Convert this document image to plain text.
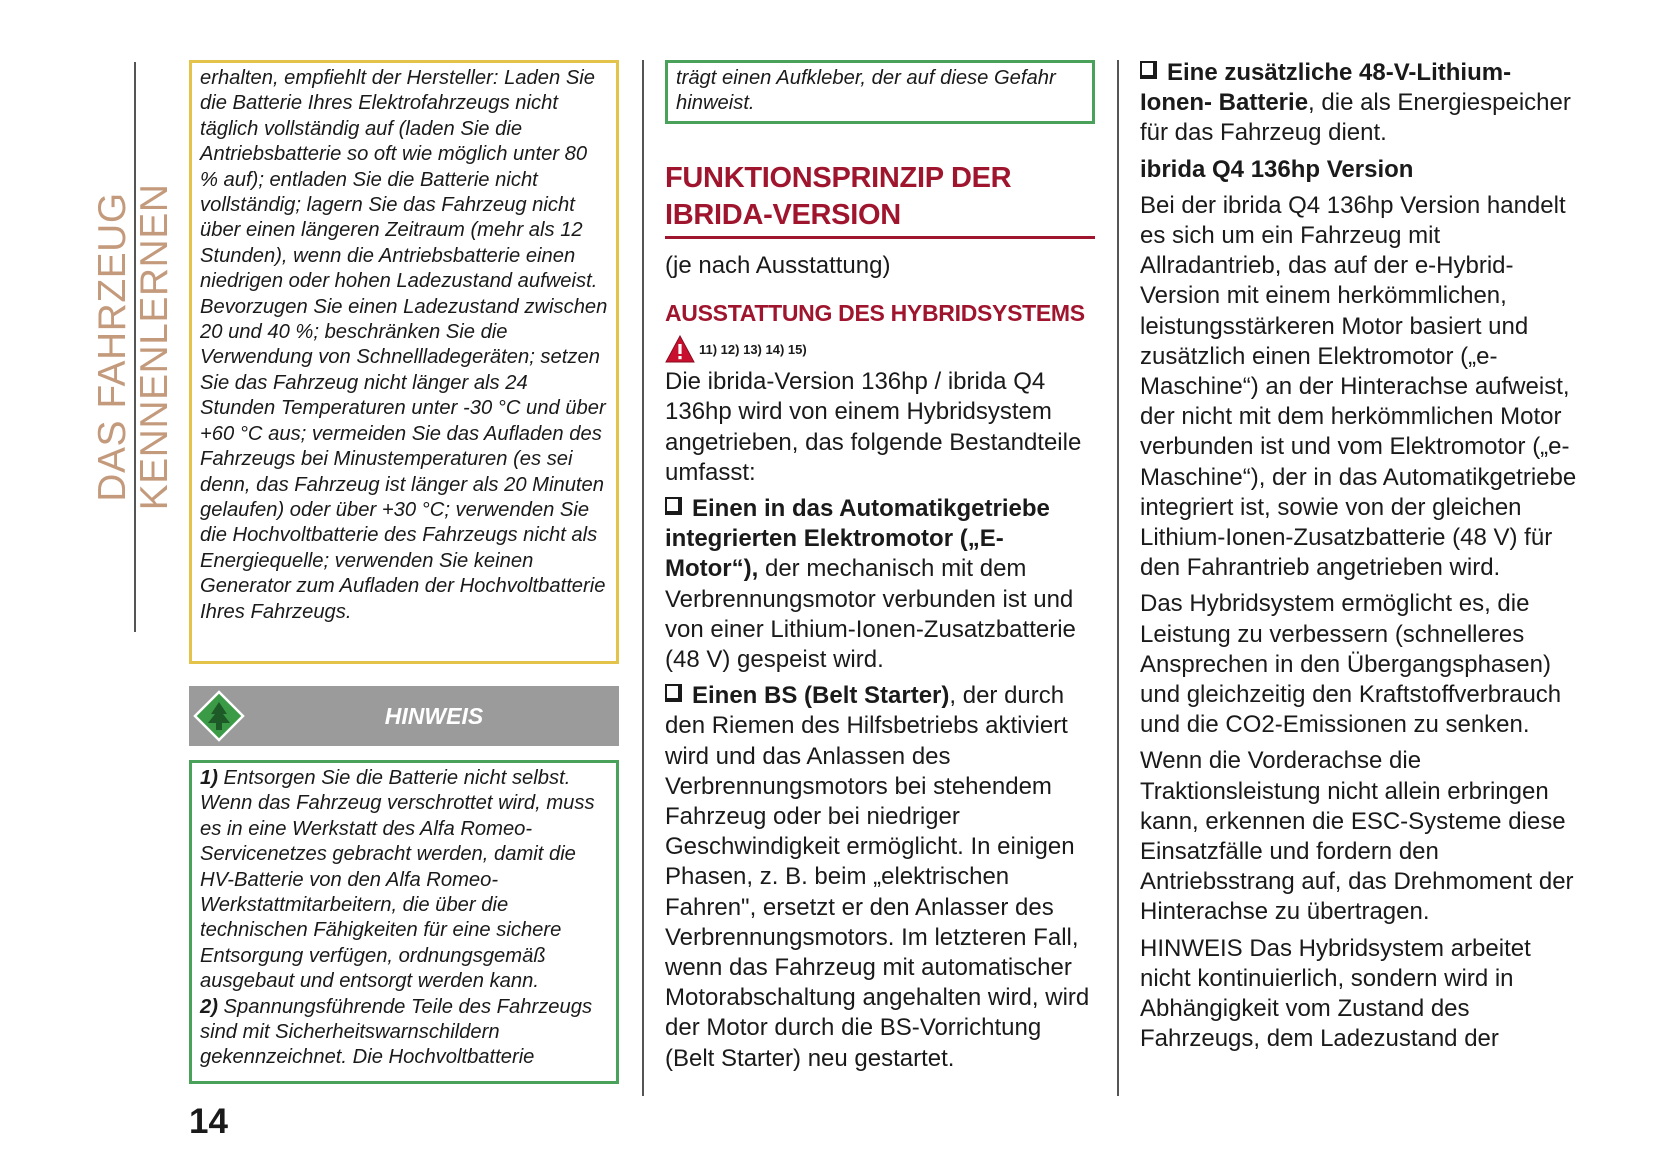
DAS FAHRZEUG KENNENLERNEN

erhalten, empfiehlt der Hersteller: Laden Sie die Batterie Ihres Elektrofahrzeugs nicht täglich vollständig auf (laden Sie die Antriebsbatterie so oft wie möglich unter 80 % auf); entladen Sie die Batterie nicht vollständig; lagern Sie das Fahrzeug nicht über einen längeren Zeitraum (mehr als 12 Stunden), wenn die Antriebsbatterie einen niedrigen oder hohen Ladezustand aufweist. Bevorzugen Sie einen Ladezustand zwischen 20 und 40 %; beschränken Sie die Verwendung von Schnellladegeräten; setzen Sie das Fahrzeug nicht länger als 24 Stunden Temperaturen unter -30 °C und über +60 °C aus; vermeiden Sie das Aufladen des Fahrzeugs bei Minustemperaturen (es sei denn, das Fahrzeug ist länger als 20 Minuten gelaufen) oder über +30 °C; verwenden Sie die Hochvoltbatterie des Fahrzeugs nicht als Energiequelle; verwenden Sie keinen Generator zum Aufladen der Hochvoltbatterie Ihres Fahrzeugs.

HINWEIS

1) Entsorgen Sie die Batterie nicht selbst. Wenn das Fahrzeug verschrottet wird, muss es in eine Werkstatt des Alfa Romeo-Servicenetzes gebracht werden, damit die HV-Batterie von den Alfa Romeo-Werkstattmitarbeitern, die über die technischen Fähigkeiten für eine sichere Entsorgung verfügen, ordnungsgemäß ausgebaut und entsorgt werden kann.

2) Spannungsführende Teile des Fahrzeugs sind mit Sicherheitswarnschildern gekennzeichnet. Die Hochvoltbatterie

trägt einen Aufkleber, der auf diese Gefahr hinweist.

FUNKTIONSPRINZIP DER
IBRIDA-VERSION

(je nach Ausstattung)

AUSSTATTUNG DES HYBRIDSYSTEMS
11) 12) 13) 14) 15)

Die ibrida-Version 136hp / ibrida Q4 136hp wird von einem Hybridsystem angetrieben, das folgende Bestandteile umfasst:

Einen in das Automatikgetriebe integrierten Elektromotor („E-Motor“), der mechanisch mit dem Verbrennungsmotor verbunden ist und von einer Lithium-Ionen-Zusatzbatterie (48 V) gespeist wird.

Einen BS (Belt Starter), der durch den Riemen des Hilfsbetriebs aktiviert wird und das Anlassen des Verbrennungsmotors bei stehendem Fahrzeug oder bei niedriger Geschwindigkeit ermöglicht. In einigen Phasen, z. B. beim „elektrischen Fahren", ersetzt er den Anlasser des Verbrennungsmotors. Im letzteren Fall, wenn das Fahrzeug mit automatischer Motorabschaltung angehalten wird, wird der Motor durch die BS-Vorrichtung (Belt Starter) neu gestartet.

Eine zusätzliche 48-V-Lithium-Ionen- Batterie, die als Energiespeicher für das Fahrzeug dient.

ibrida Q4 136hp Version

Bei der ibrida Q4 136hp Version handelt es sich um ein Fahrzeug mit Allradantrieb, das auf der e-Hybrid-Version mit einem herkömmlichen, leistungsstärkeren Motor basiert und zusätzlich einen Elektromotor („e-Maschine“) an der Hinterachse aufweist, der nicht mit dem herkömmlichen Motor verbunden ist und vom Elektromotor („e-Maschine“), der in das Automatikgetriebe integriert ist, sowie von der gleichen Lithium-Ionen-Zusatzbatterie (48 V) für den Fahrantrieb angetrieben wird.

Das Hybridsystem ermöglicht es, die Leistung zu verbessern (schnelleres Ansprechen in den Übergangsphasen) und gleichzeitig den Kraftstoffverbrauch und die CO2-Emissionen zu senken.

Wenn die Vorderachse die Traktionsleistung nicht allein erbringen kann, erkennen die ESC-Systeme diese Einsatzfälle und fordern den Antriebsstrang auf, das Drehmoment der Hinterachse zu übertragen.

HINWEIS Das Hybridsystem arbeitet nicht kontinuierlich, sondern wird in Abhängigkeit vom Zustand des Fahrzeugs, dem Ladezustand der

14
